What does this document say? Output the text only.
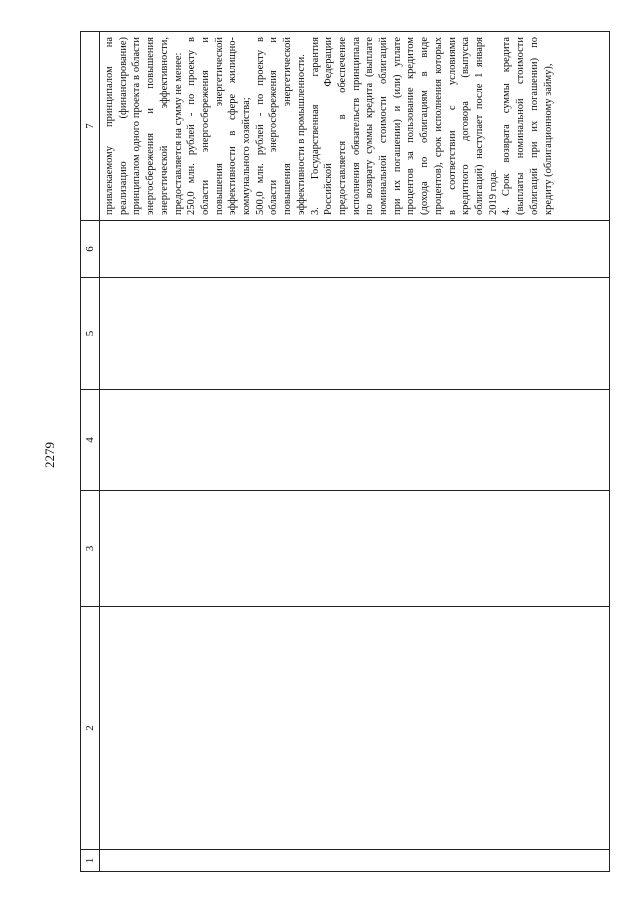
2279
1	2	3	4	5	6	7

						привлекаемому принципалом на реализацию (финансирование) принципалом одного проекта в области энергосбережения и повышения энергетической эффективности, предоставляется на сумму не менее: 250,0 млн. рублей - по проекту в области энергосбережения и повышения энергетической эффективности в сфере жилищно-коммунального хозяйства; 500,0 млн. рублей - по проекту в области энергосбережения и повышения энергетической эффективности в промышленности. 3. Государственная гарантия Российской Федерации предоставляется в обеспечение исполнения обязательств принципала по возврату суммы кредита (выплате номинальной стоимости облигаций при их погашении) и (или) уплате процентов за пользование кредитом (дохода по облигациям в виде процентов), срок исполнения которых в соответствии с условиями кредитного договора (выпуска облигаций) наступает после 1 января 2019 года. 4. Срок возврата суммы кредита (выплаты номинальной стоимости облигаций при их погашении) по кредиту (облигационному займу),
